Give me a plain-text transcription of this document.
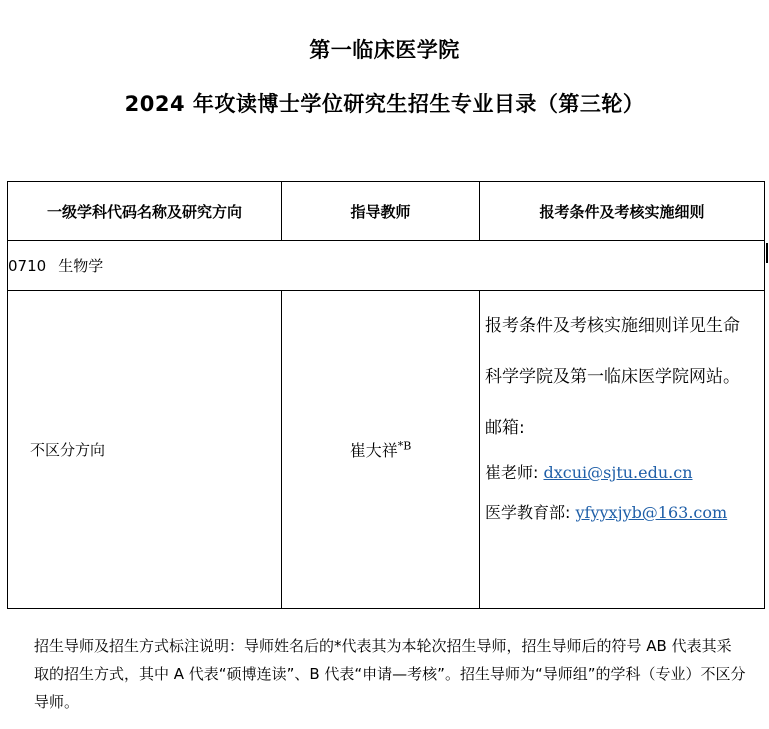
第一临床医学院
2024 年攻读博士学位研究生招生专业目录（第三轮）
一级学科代码名称及研究方向	指导教师	报考条件及考核实施细则
0710 生物学		
不区分方向	崔大祥$^{*B}$	报考条件及考核实施细则详见生命科学学院及第一临床医学院网站。
邮箱:
崔老师: dxcui@sjtu.edu.cn
医学教育部: yfyyxjyb@163.com
招生导师及招生方式标注说明：导师姓名后的*代表其为本轮次招生导师，招生导师后的符号 AB 代表其采取的招生方式，其中 A 代表“硕博连读”、B 代表“申请—考核”。招生导师为“导师组”的学科（专业）不区分导师。
